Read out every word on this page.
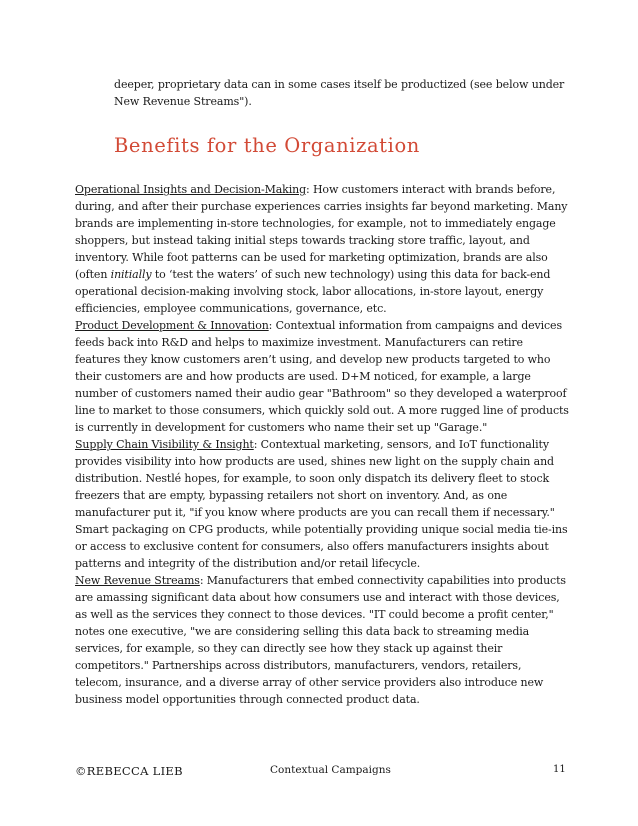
deeper, proprietary data can in some cases itself be productized (see below under New Revenue Streams").

Benefits for the Organization

Operational Insights and Decision-Making: How customers interact with brands before, during, and after their purchase experiences carries insights far beyond marketing. Many brands are implementing in-store technologies, for example, not to immediately engage shoppers, but instead taking initial steps towards tracking store traffic, layout, and inventory. While foot patterns can be used for marketing optimization, brands are also (often initially to ‘test the waters’ of such new technology) using this data for back-end operational decision-making involving stock, labor allocations, in-store layout, energy efficiencies, employee communications, governance, etc.

Product Development & Innovation: Contextual information from campaigns and devices feeds back into R&D and helps to maximize investment. Manufacturers can retire features they know customers aren’t using, and develop new products targeted to who their customers are and how products are used. D+M noticed, for example, a large number of customers named their audio gear "Bathroom" so they developed a waterproof line to market to those consumers, which quickly sold out. A more rugged line of products is currently in development for customers who name their set up "Garage."

Supply Chain Visibility & Insight: Contextual marketing, sensors, and IoT functionality provides visibility into how products are used, shines new light on the supply chain and distribution. Nestlé hopes, for example, to soon only dispatch its delivery fleet to stock freezers that are empty, bypassing retailers not short on inventory. And, as one manufacturer put it, "if you know where products are you can recall them if necessary." Smart packaging on CPG products, while potentially providing unique social media tie-ins or access to exclusive content for consumers, also offers manufacturers insights about patterns and integrity of the distribution and/or retail lifecycle.

New Revenue Streams: Manufacturers that embed connectivity capabilities into products are amassing significant data about how consumers use and interact with those devices, as well as the services they connect to those devices. "IT could become a profit center," notes one executive, "we are considering selling this data back to streaming media services, for example, so they can directly see how they stack up against their competitors." Partnerships across distributors, manufacturers, vendors, retailers, telecom, insurance, and a diverse array of other service providers also introduce new business model opportunities through connected product data.

©REBECCA LIEB	Contextual Campaigns	11
